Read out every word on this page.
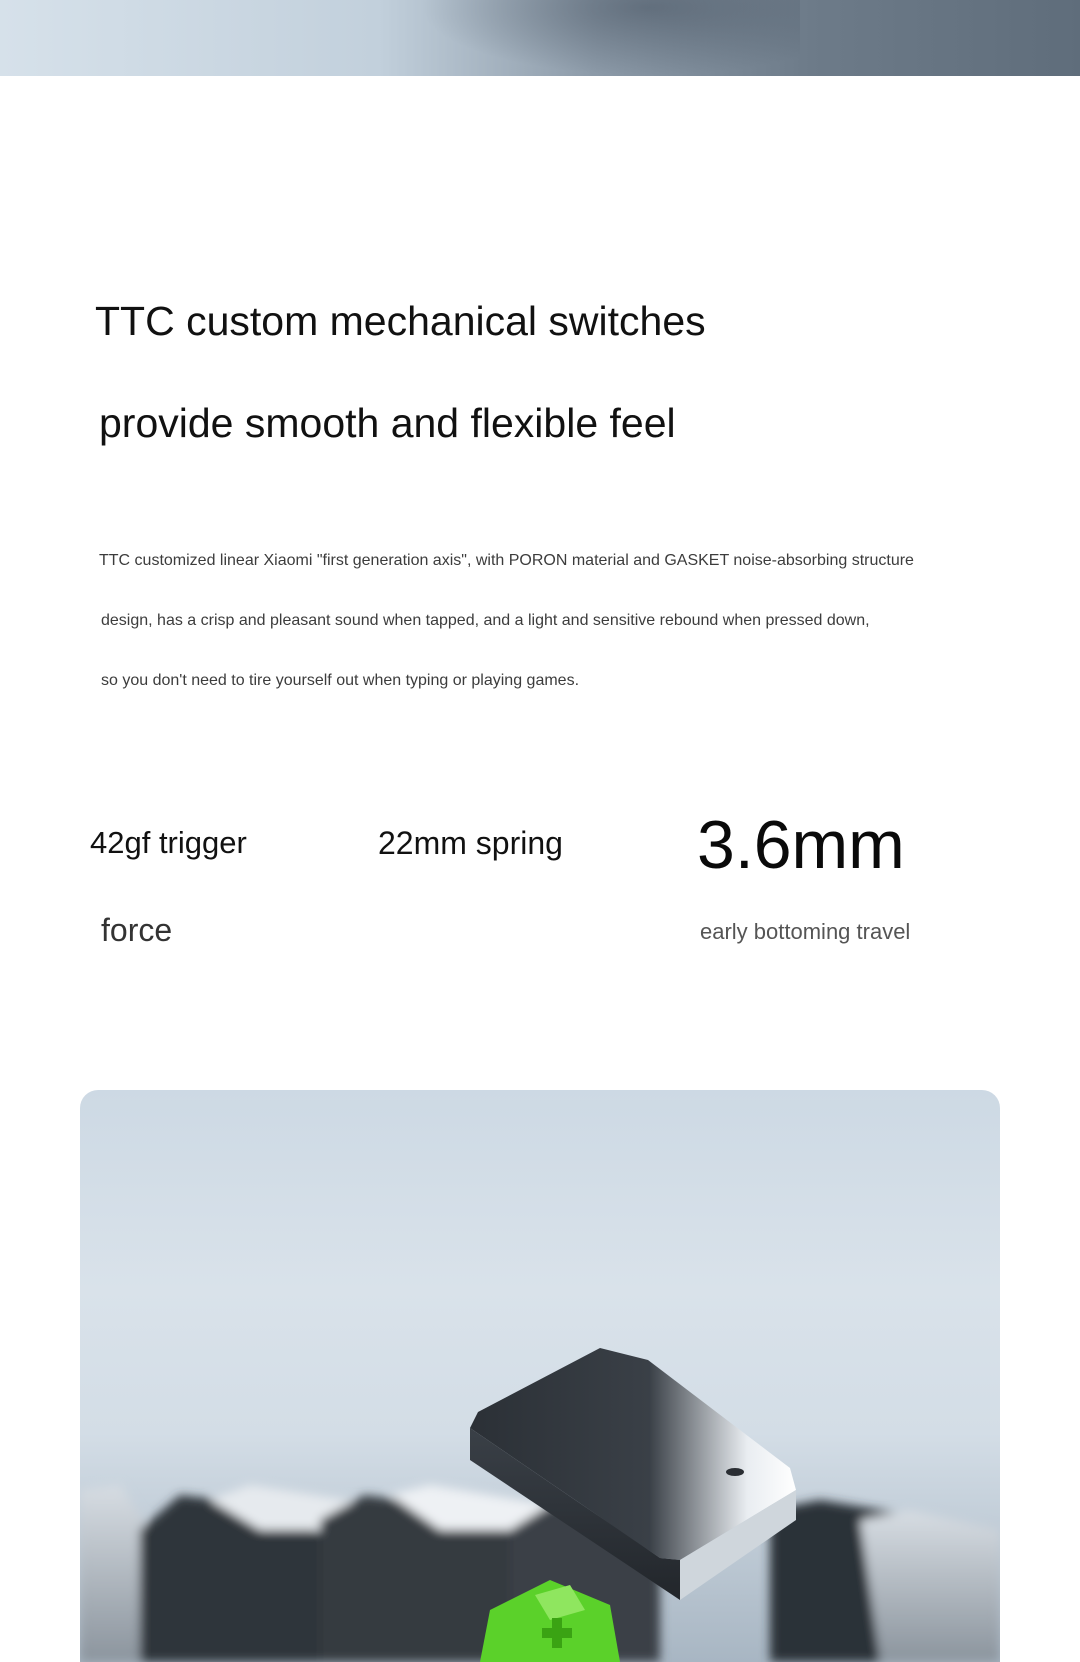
TTC custom mechanical switches
provide smooth and flexible feel

TTC customized linear Xiaomi "first generation axis", with PORON material and GASKET noise-absorbing structure

design, has a crisp and pleasant sound when tapped, and a light and sensitive rebound when pressed down,

so you don't need to tire yourself out when typing or playing games.

42gf trigger

force

22mm spring 3.6mm

early bottoming travel
